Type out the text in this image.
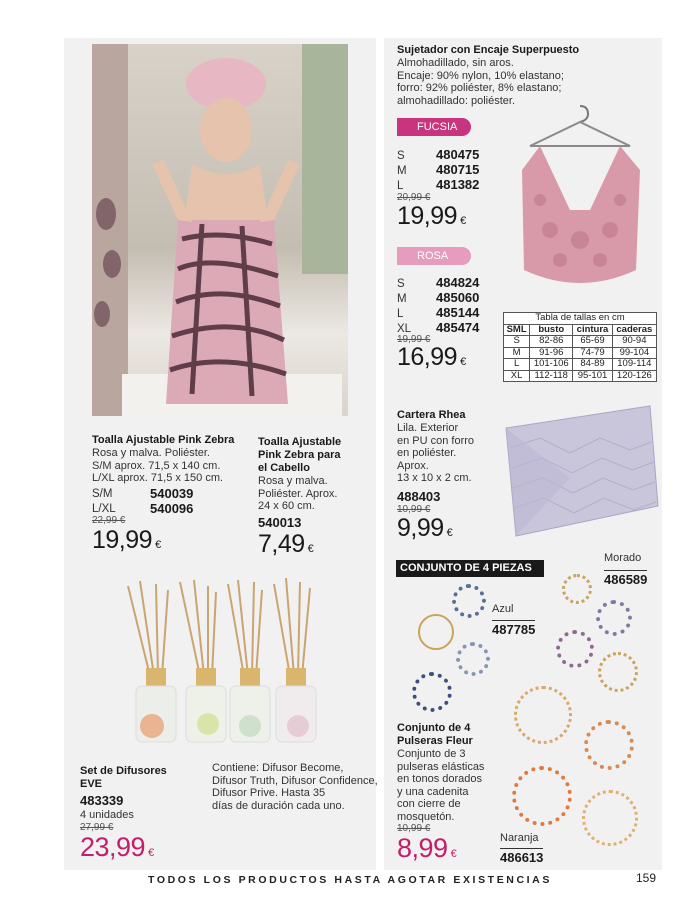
Toalla Ajustable Pink Zebra
Rosa y malva. Poliéster.
S/M aprox. 71,5 x 140 cm.
L/XL aprox. 71,5 x 150 cm.
S/M	540039
L/XL	540096
22,99 €
19,99 €
Toalla Ajustable
Pink Zebra para
el Cabello
Rosa y malva.
Poliéster. Aprox.
24 x 60 cm.
540013
7,49 €
Set de Difusores
EVE
483339
4 unidades
27,99 €
23,99 €
Contiene: Difusor Become,
Difusor Truth, Difusor Confidence,
Difusor Prive. Hasta 35
días de duración cada uno.
Sujetador con Encaje Superpuesto
Almohadillado, sin aros.
Encaje: 90% nylon, 10% elastano;
forro: 92% poliéster, 8% elastano;
almohadillado: poliéster.
FUCSIA
S 480475
M 480715
L	481382
20,99 €
19,99 €
ROSA
S 484824
M 485060
L	485144
XL 485474
19,99 €
16,99 €
Tabla de tallas en cm			
SML	busto	cintura	caderas
S	82-86	65-69	90-94
M	91-96	74-79	99-104
L	101-106	84-89	109-114
XL	112-118	95-101	120-126
Cartera Rhea
Lila. Exterior
en PU con forro
en poliéster.
Aprox.
13 x 10 x 2 cm.
488403
10,99 €
9,99 €
CONJUNTO DE 4 PIEZAS
Morado
486589
Azul
487785
Naranja
486613
Conjunto de 4
Pulseras Fleur
Conjunto de 3
pulseras elásticas
en tonos dorados
y una cadenita
con cierre de
mosquetón.
10,99 €
8,99 €
TODOS LOS PRODUCTOS HASTA AGOTAR EXISTENCIAS	159
